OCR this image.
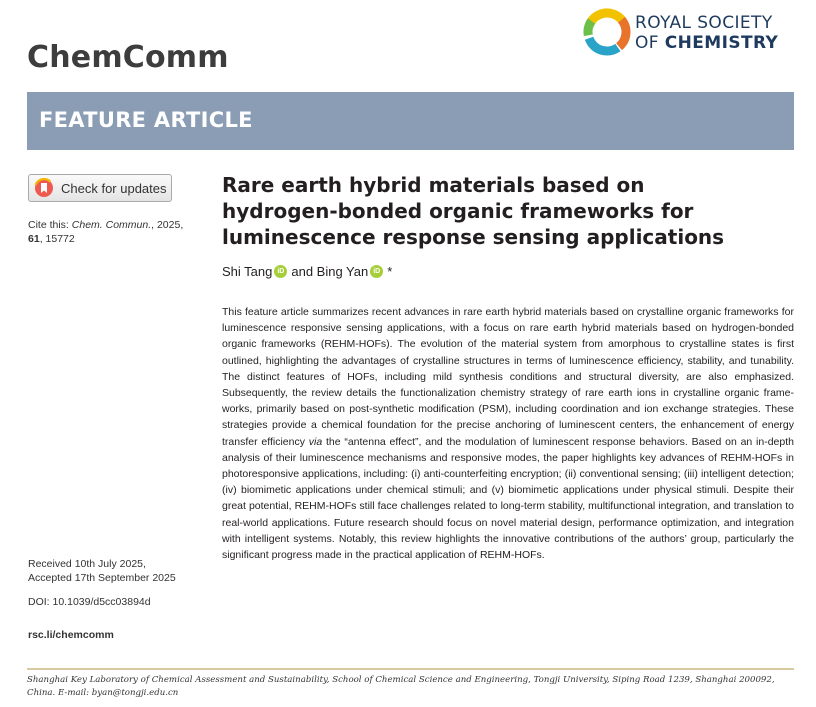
ChemComm
ROYAL SOCIETY
OF CHEMISTRY
FEATURE ARTICLE
Check for updates
Cite this: Chem. Commun., 2025,
61, 15772
Received 10th July 2025,
Accepted 17th September 2025
DOI: 10.1039/d5cc03894d
rsc.li/chemcomm
Rare earth hybrid materials based on hydrogen-bonded organic frameworks for luminescence response sensing applications
Shi Tang iD and Bing Yan iD *
This feature article summarizes recent advances in rare earth hybrid materials based on crystalline organic frameworks for luminescence responsive sensing applications, with a focus on rare earth hybrid materials based on hydrogen-bonded organic frameworks (REHM-HOFs). The evolution of the material system from amorphous to crystalline states is first outlined, highlighting the advantages of crystalline structures in terms of luminescence efficiency, stability, and tunability. The distinct features of HOFs, including mild synthesis conditions and structural diversity, are also emphasized. Subsequently, the review details the functionalization chemistry strategy of rare earth ions in crystalline organic frame-works, primarily based on post-synthetic modification (PSM), including coordination and ion exchange strategies. These strategies provide a chemical foundation for the precise anchoring of luminescent centers, the enhancement of energy transfer efficiency via the “antenna effect”, and the modulation of luminescent response behaviors. Based on an in-depth analysis of their luminescence mechanisms and responsive modes, the paper highlights key advances of REHM-HOFs in photoresponsive applications, including: (i) anti-counterfeiting encryption; (ii) conventional sensing; (iii) intelligent detection; (iv) biomimetic applications under chemical stimuli; and (v) biomimetic applications under physical stimuli. Despite their great potential, REHM-HOFs still face challenges related to long-term stability, multifunctional integration, and translation to real-world applications. Future research should focus on novel material design, performance optimization, and integration with intelligent systems. Notably, this review highlights the innovative contributions of the authors’ group, particularly the significant progress made in the practical application of REHM-HOFs.
Shanghai Key Laboratory of Chemical Assessment and Sustainability, School of Chemical Science and Engineering, Tongji University, Siping Road 1239, Shanghai 200092, China. E-mail: byan@tongji.edu.cn
